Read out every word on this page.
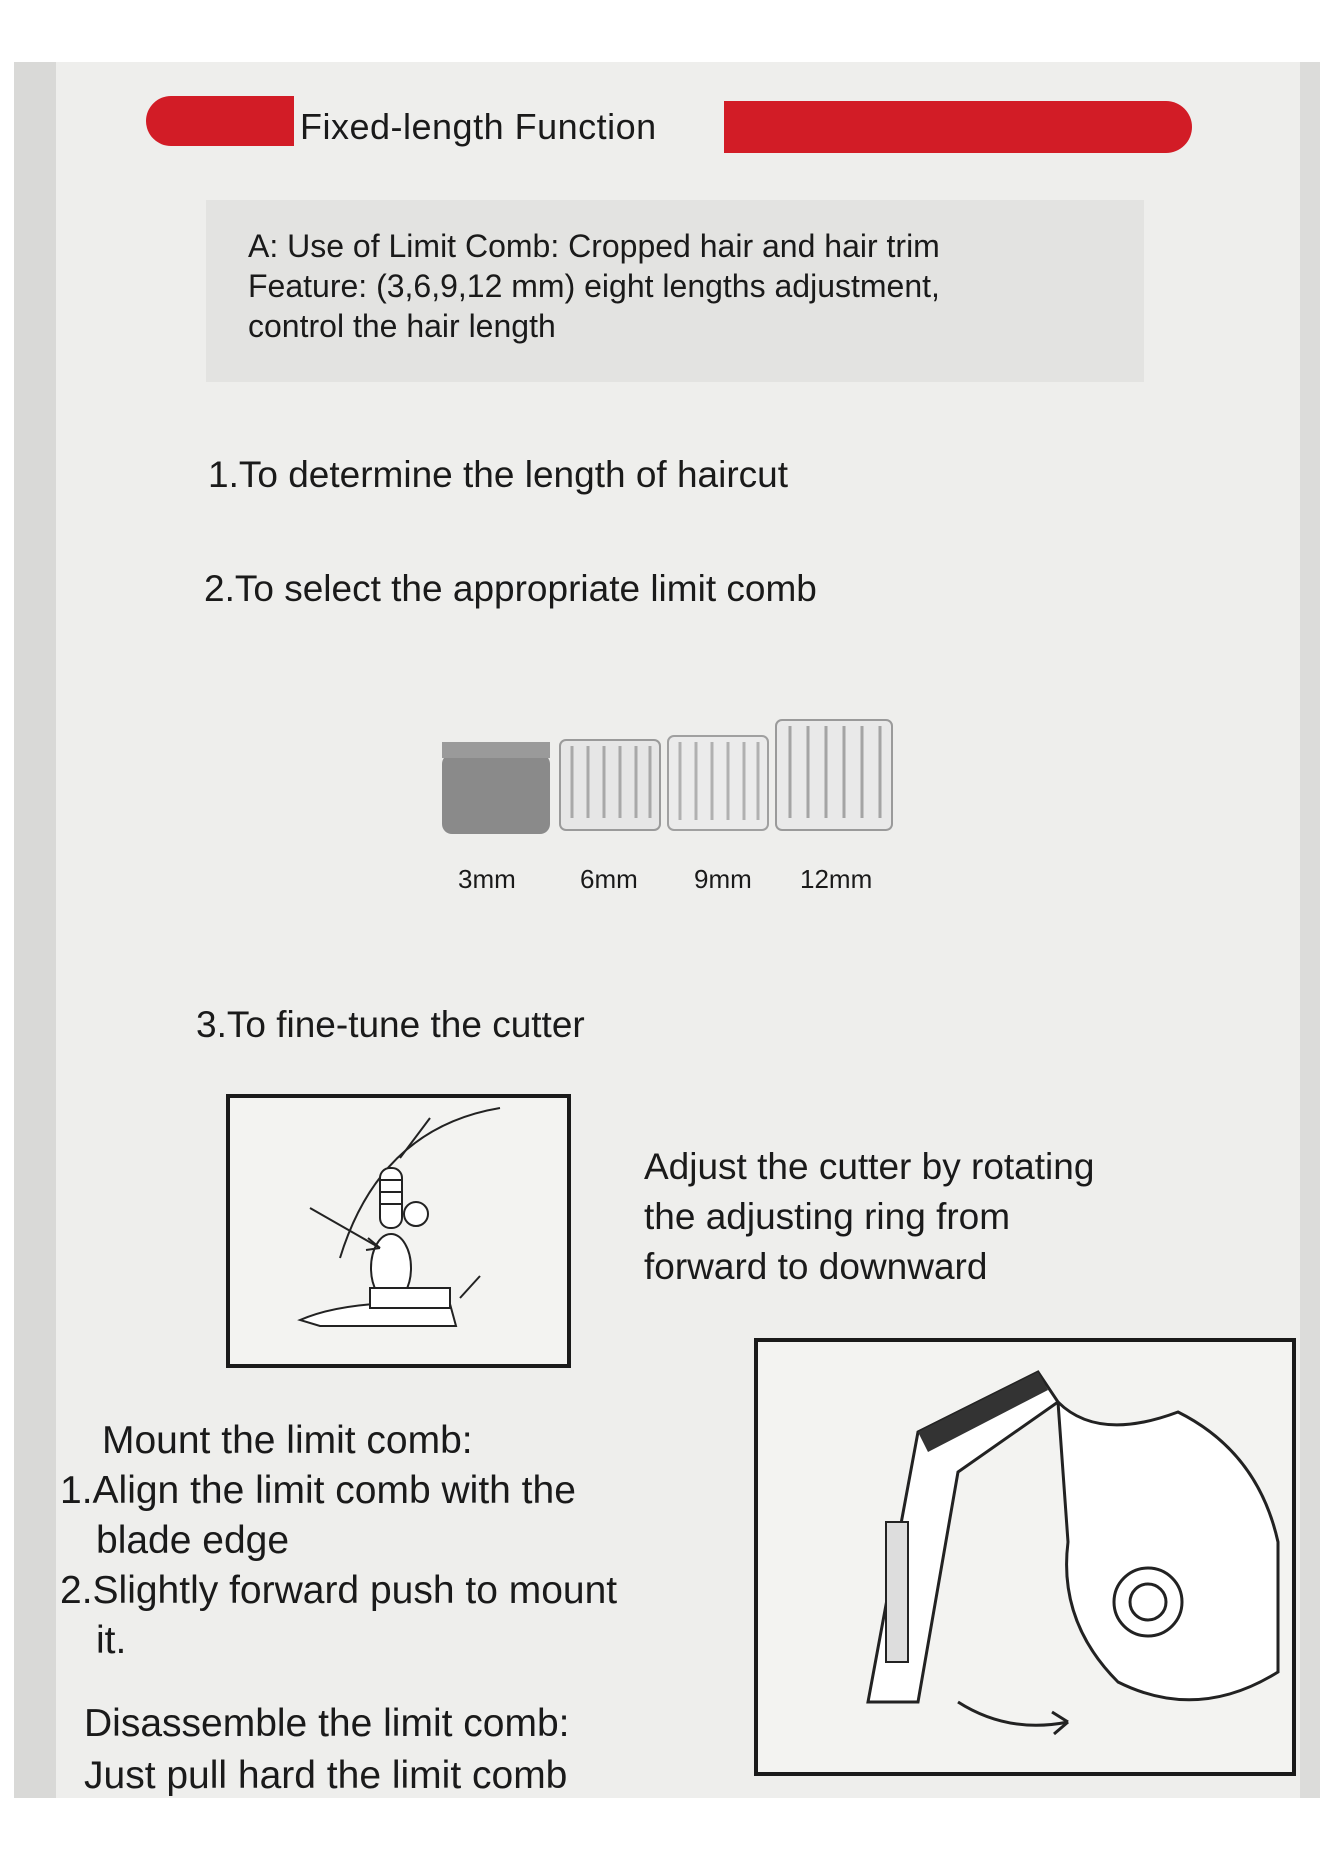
Fixed-length Function
A: Use of Limit Comb: Cropped hair and hair trim
Feature: (3,6,9,12 mm) eight lengths adjustment,
control the hair length
1.To determine the length of haircut
2.To select the appropriate limit comb
3mm 6mm 9mm 12mm
3.To fine-tune the cutter
Adjust the cutter by rotating
the adjusting ring from
forward to downward
Mount the limit comb:
1.Align the limit comb with the
blade edge
2.Slightly forward push to mount
it.
Disassemble the limit comb:
Just pull hard the limit comb
